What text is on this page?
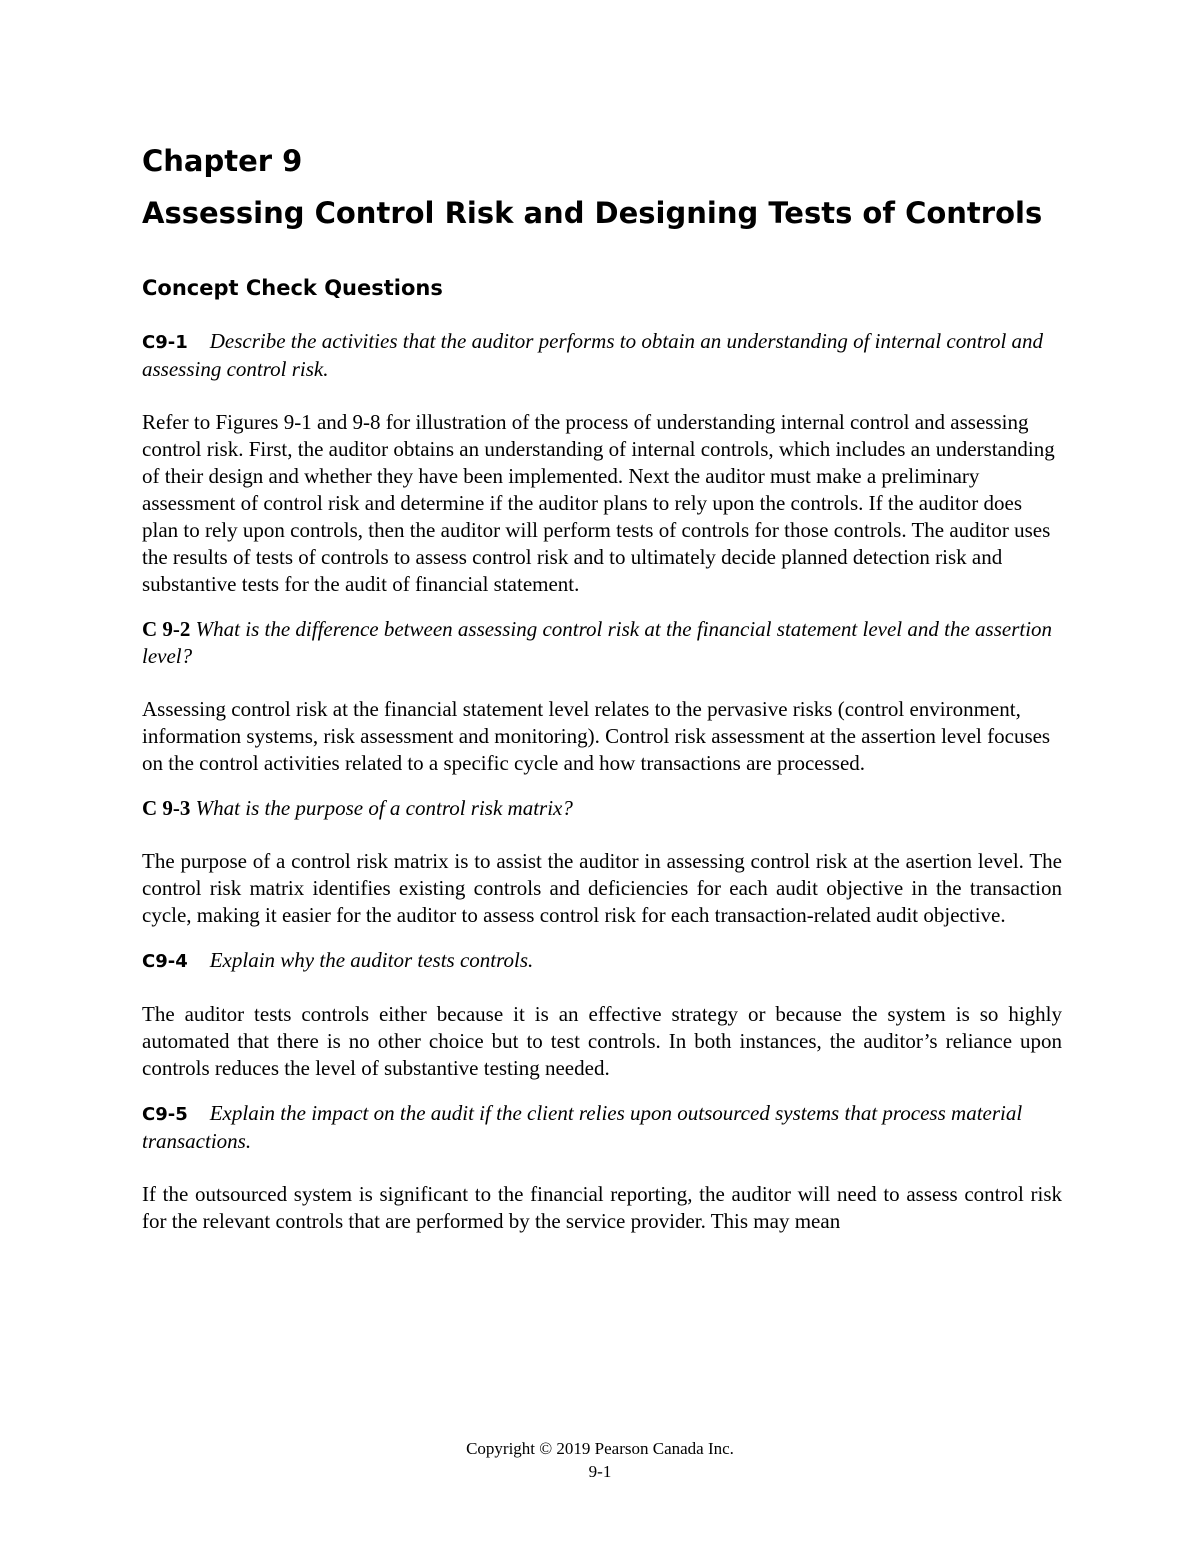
Chapter 9
Assessing Control Risk and Designing Tests of Controls
Concept Check Questions

C9-1 Describe the activities that the auditor performs to obtain an understanding of internal control and assessing control risk.

Refer to Figures 9-1 and 9-8 for illustration of the process of understanding internal control and assessing control risk. First, the auditor obtains an understanding of internal controls, which includes an understanding of their design and whether they have been implemented. Next the auditor must make a preliminary assessment of control risk and determine if the auditor plans to rely upon the controls. If the auditor does plan to rely upon controls, then the auditor will perform tests of controls for those controls. The auditor uses the results of tests of controls to assess control risk and to ultimately decide planned detection risk and substantive tests for the audit of financial statement.

C 9-2 What is the difference between assessing control risk at the financial statement level and the assertion level?

Assessing control risk at the financial statement level relates to the pervasive risks (control environment, information systems, risk assessment and monitoring). Control risk assessment at the assertion level focuses on the control activities related to a specific cycle and how transactions are processed.

C 9-3 What is the purpose of a control risk matrix?

The purpose of a control risk matrix is to assist the auditor in assessing control risk at the asertion level. The control risk matrix identifies existing controls and deficiencies for each audit objective in the transaction cycle, making it easier for the auditor to assess control risk for each transaction-related audit objective.

C9-4 Explain why the auditor tests controls.

The auditor tests controls either because it is an effective strategy or because the system is so highly automated that there is no other choice but to test controls. In both instances, the auditor’s reliance upon controls reduces the level of substantive testing needed.

C9-5 Explain the impact on the audit if the client relies upon outsourced systems that process material transactions.

If the outsourced system is significant to the financial reporting, the auditor will need to assess control risk for the relevant controls that are performed by the service provider. This may mean

Copyright © 2019 Pearson Canada Inc.
9-1
